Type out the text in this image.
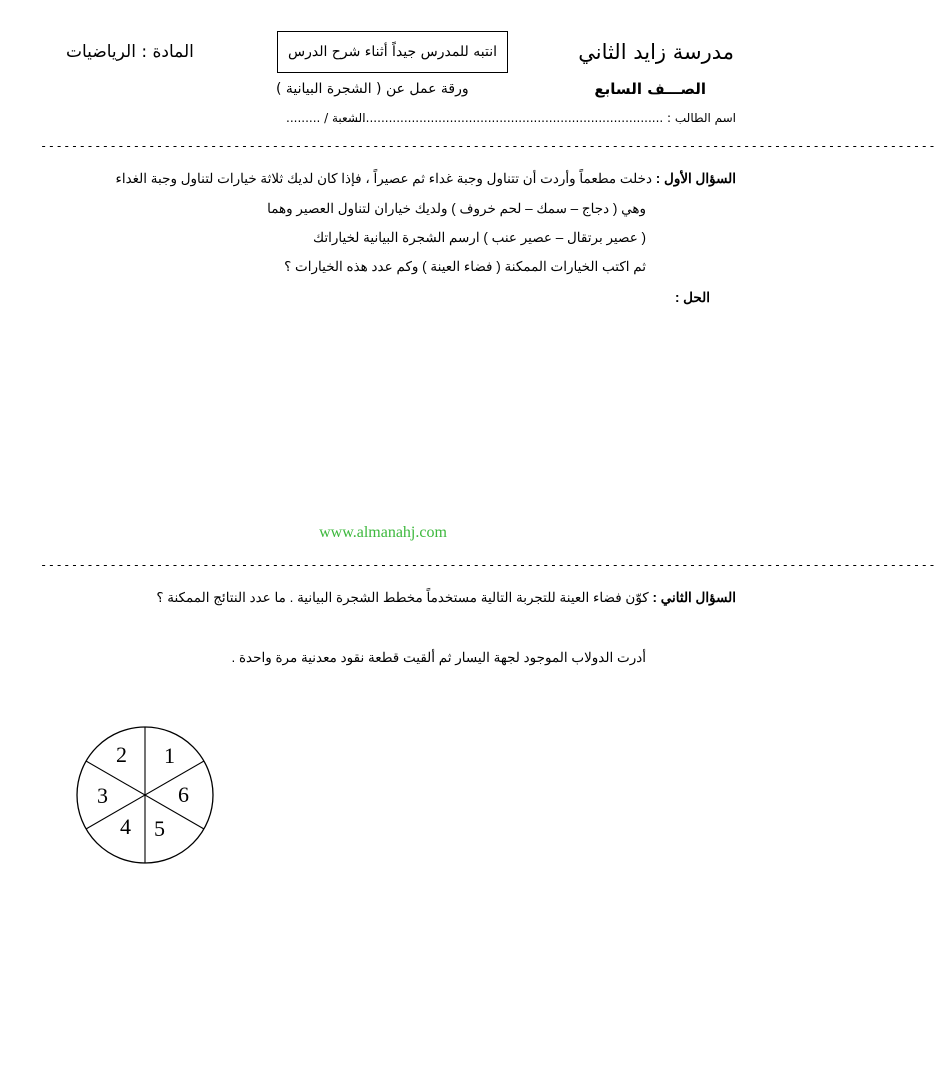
مدرسة زايد الثاني
المادة : الرياضيات	انتبه للمدرس جيداً أثناء شرح الدرس
الصـــف السابع
ورقة عمل عن ( الشجرة البيانية )
اسم الطالب : ...................................................................................
الشعبة / .........
--------------------------------------------------------------------------------------------------------------------
السؤال الأول : دخلت مطعماً وأردت أن تتناول وجبة غداء ثم عصيراً ، فإذا كان لديك ثلاثة خيارات لتناول وجبة الغداء
وهي ( دجاج – سمك – لحم خروف ) ولديك خياران لتناول العصير وهما
( عصير برتقال – عصير عنب ) ارسم الشجرة البيانية لخياراتك
ثم اكتب الخيارات الممكنة ( فضاء العينة ) وكم عدد هذه الخيارات ؟
الحل :
www.almanahj.com
--------------------------------------------------------------------------------------------------------------------
السؤال الثاني : كوّن فضاء العينة للتجربة التالية مستخدماً مخطط الشجرة البيانية . ما عدد النتائج الممكنة ؟
أدرت الدولاب الموجود لجهة اليسار ثم ألقيت قطعة نقود معدنية مرة واحدة .
1
2
3
4 5
6
